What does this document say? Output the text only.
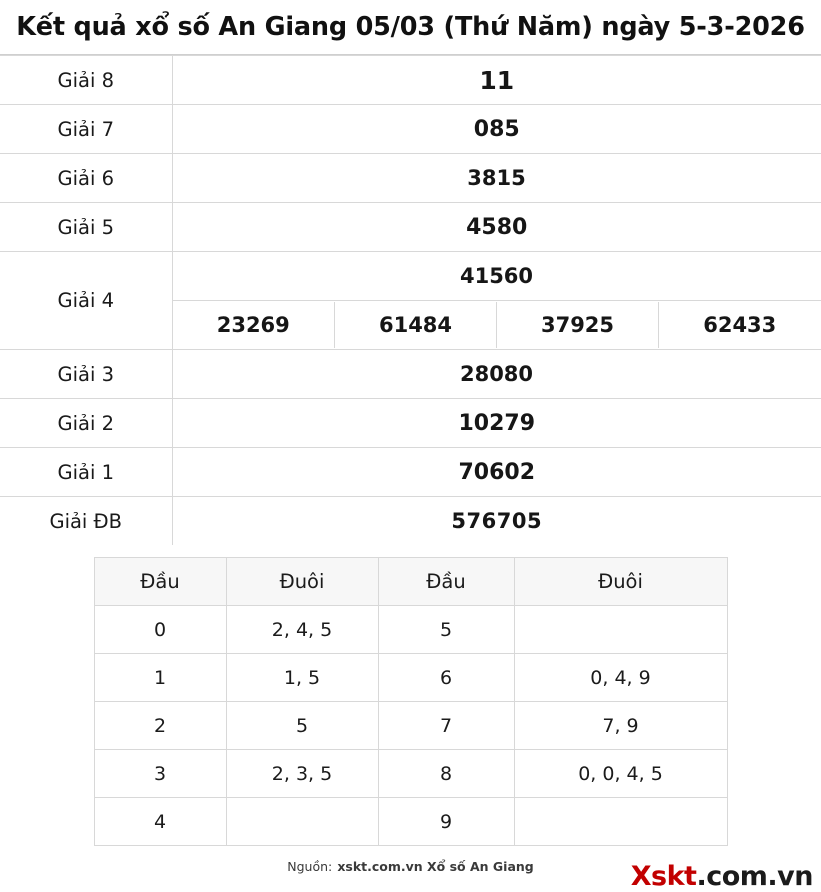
Kết quả xổ số An Giang 05/03 (Thứ Năm) ngày 5-3-2026
Giải 8	11
Giải 7	085
Giải 6	3815		
Giải 5	4580
Giải 4	41560		

23269	61484	37925	62433

Giải 3	28080	
Giải 2	10279
Giải 1	70602
Giải ĐB	576705
Đầu	Đuôi	Đầu	Đuôi
0	2, 4, 5	5	
1	1, 5	6	0, 4, 9
2	5	7	7, 9
3	2, 3, 5	8	0, 0, 4, 5
4		9	
Nguồn: xskt.com.vn Xổ số An Giang	X skt .com.vn
